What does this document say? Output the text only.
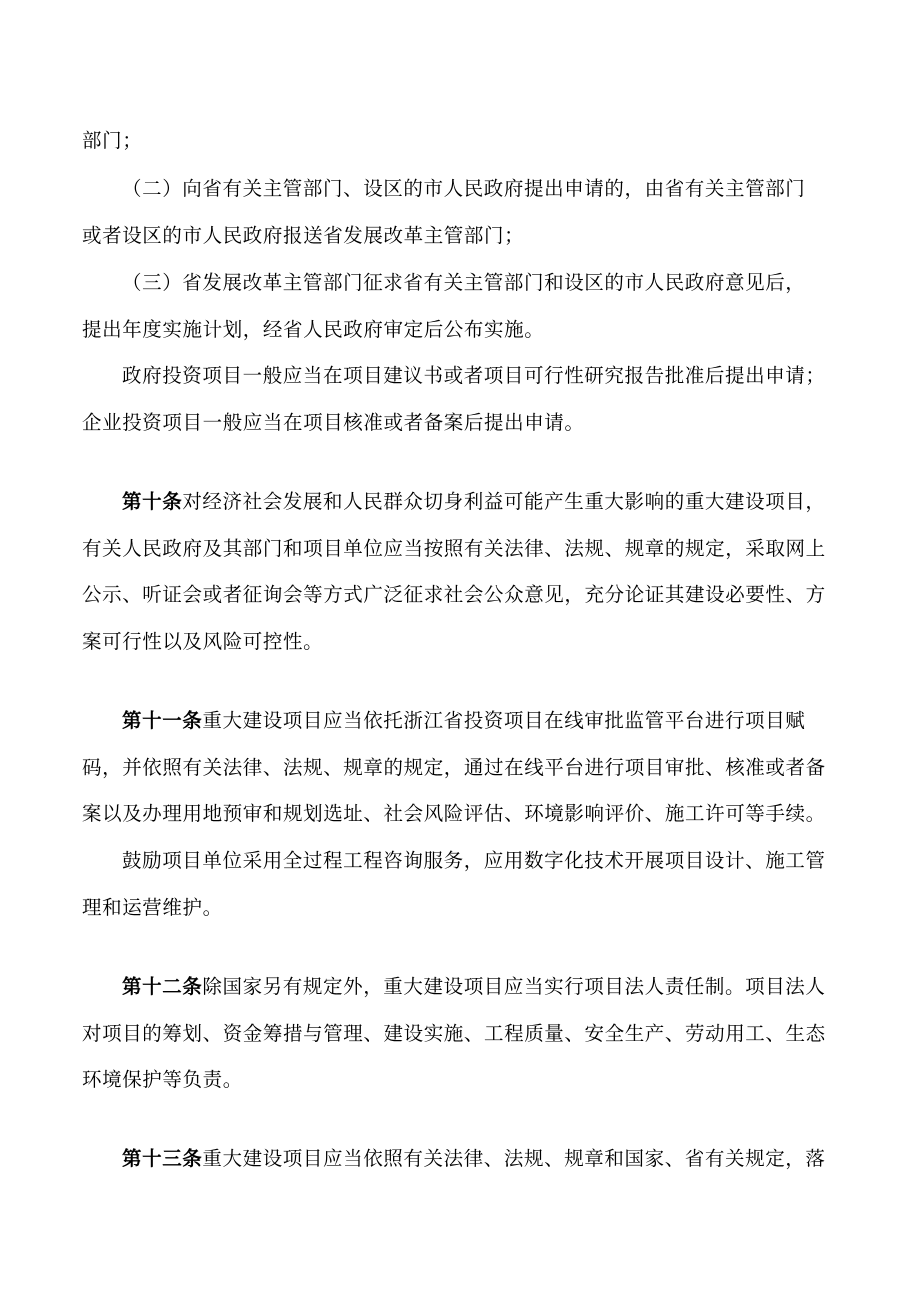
部门；
（二）向省有关主管部门、设区的市人民政府提出申请的，由省有关主管部门
或者设区的市人民政府报送省发展改革主管部门；
（三）省发展改革主管部门征求省有关主管部门和设区的市人民政府意见后，
提出年度实施计划，经省人民政府审定后公布实施。
政府投资项目一般应当在项目建议书或者项目可行性研究报告批准后提出申请；
企业投资项目一般应当在项目核准或者备案后提出申请。
第十条对经济社会发展和人民群众切身利益可能产生重大影响的重大建设项目，
有关人民政府及其部门和项目单位应当按照有关法律、法规、规章的规定，采取网上
公示、听证会或者征询会等方式广泛征求社会公众意见，充分论证其建设必要性、方
案可行性以及风险可控性。
第十一条重大建设项目应当依托浙江省投资项目在线审批监管平台进行项目赋
码，并依照有关法律、法规、规章的规定，通过在线平台进行项目审批、核准或者备
案以及办理用地预审和规划选址、社会风险评估、环境影响评价、施工许可等手续。
鼓励项目单位采用全过程工程咨询服务，应用数字化技术开展项目设计、施工管
理和运营维护。
第十二条除国家另有规定外，重大建设项目应当实行项目法人责任制。项目法人
对项目的筹划、资金筹措与管理、建设实施、工程质量、安全生产、劳动用工、生态
环境保护等负责。
第十三条重大建设项目应当依照有关法律、法规、规章和国家、省有关规定，落
